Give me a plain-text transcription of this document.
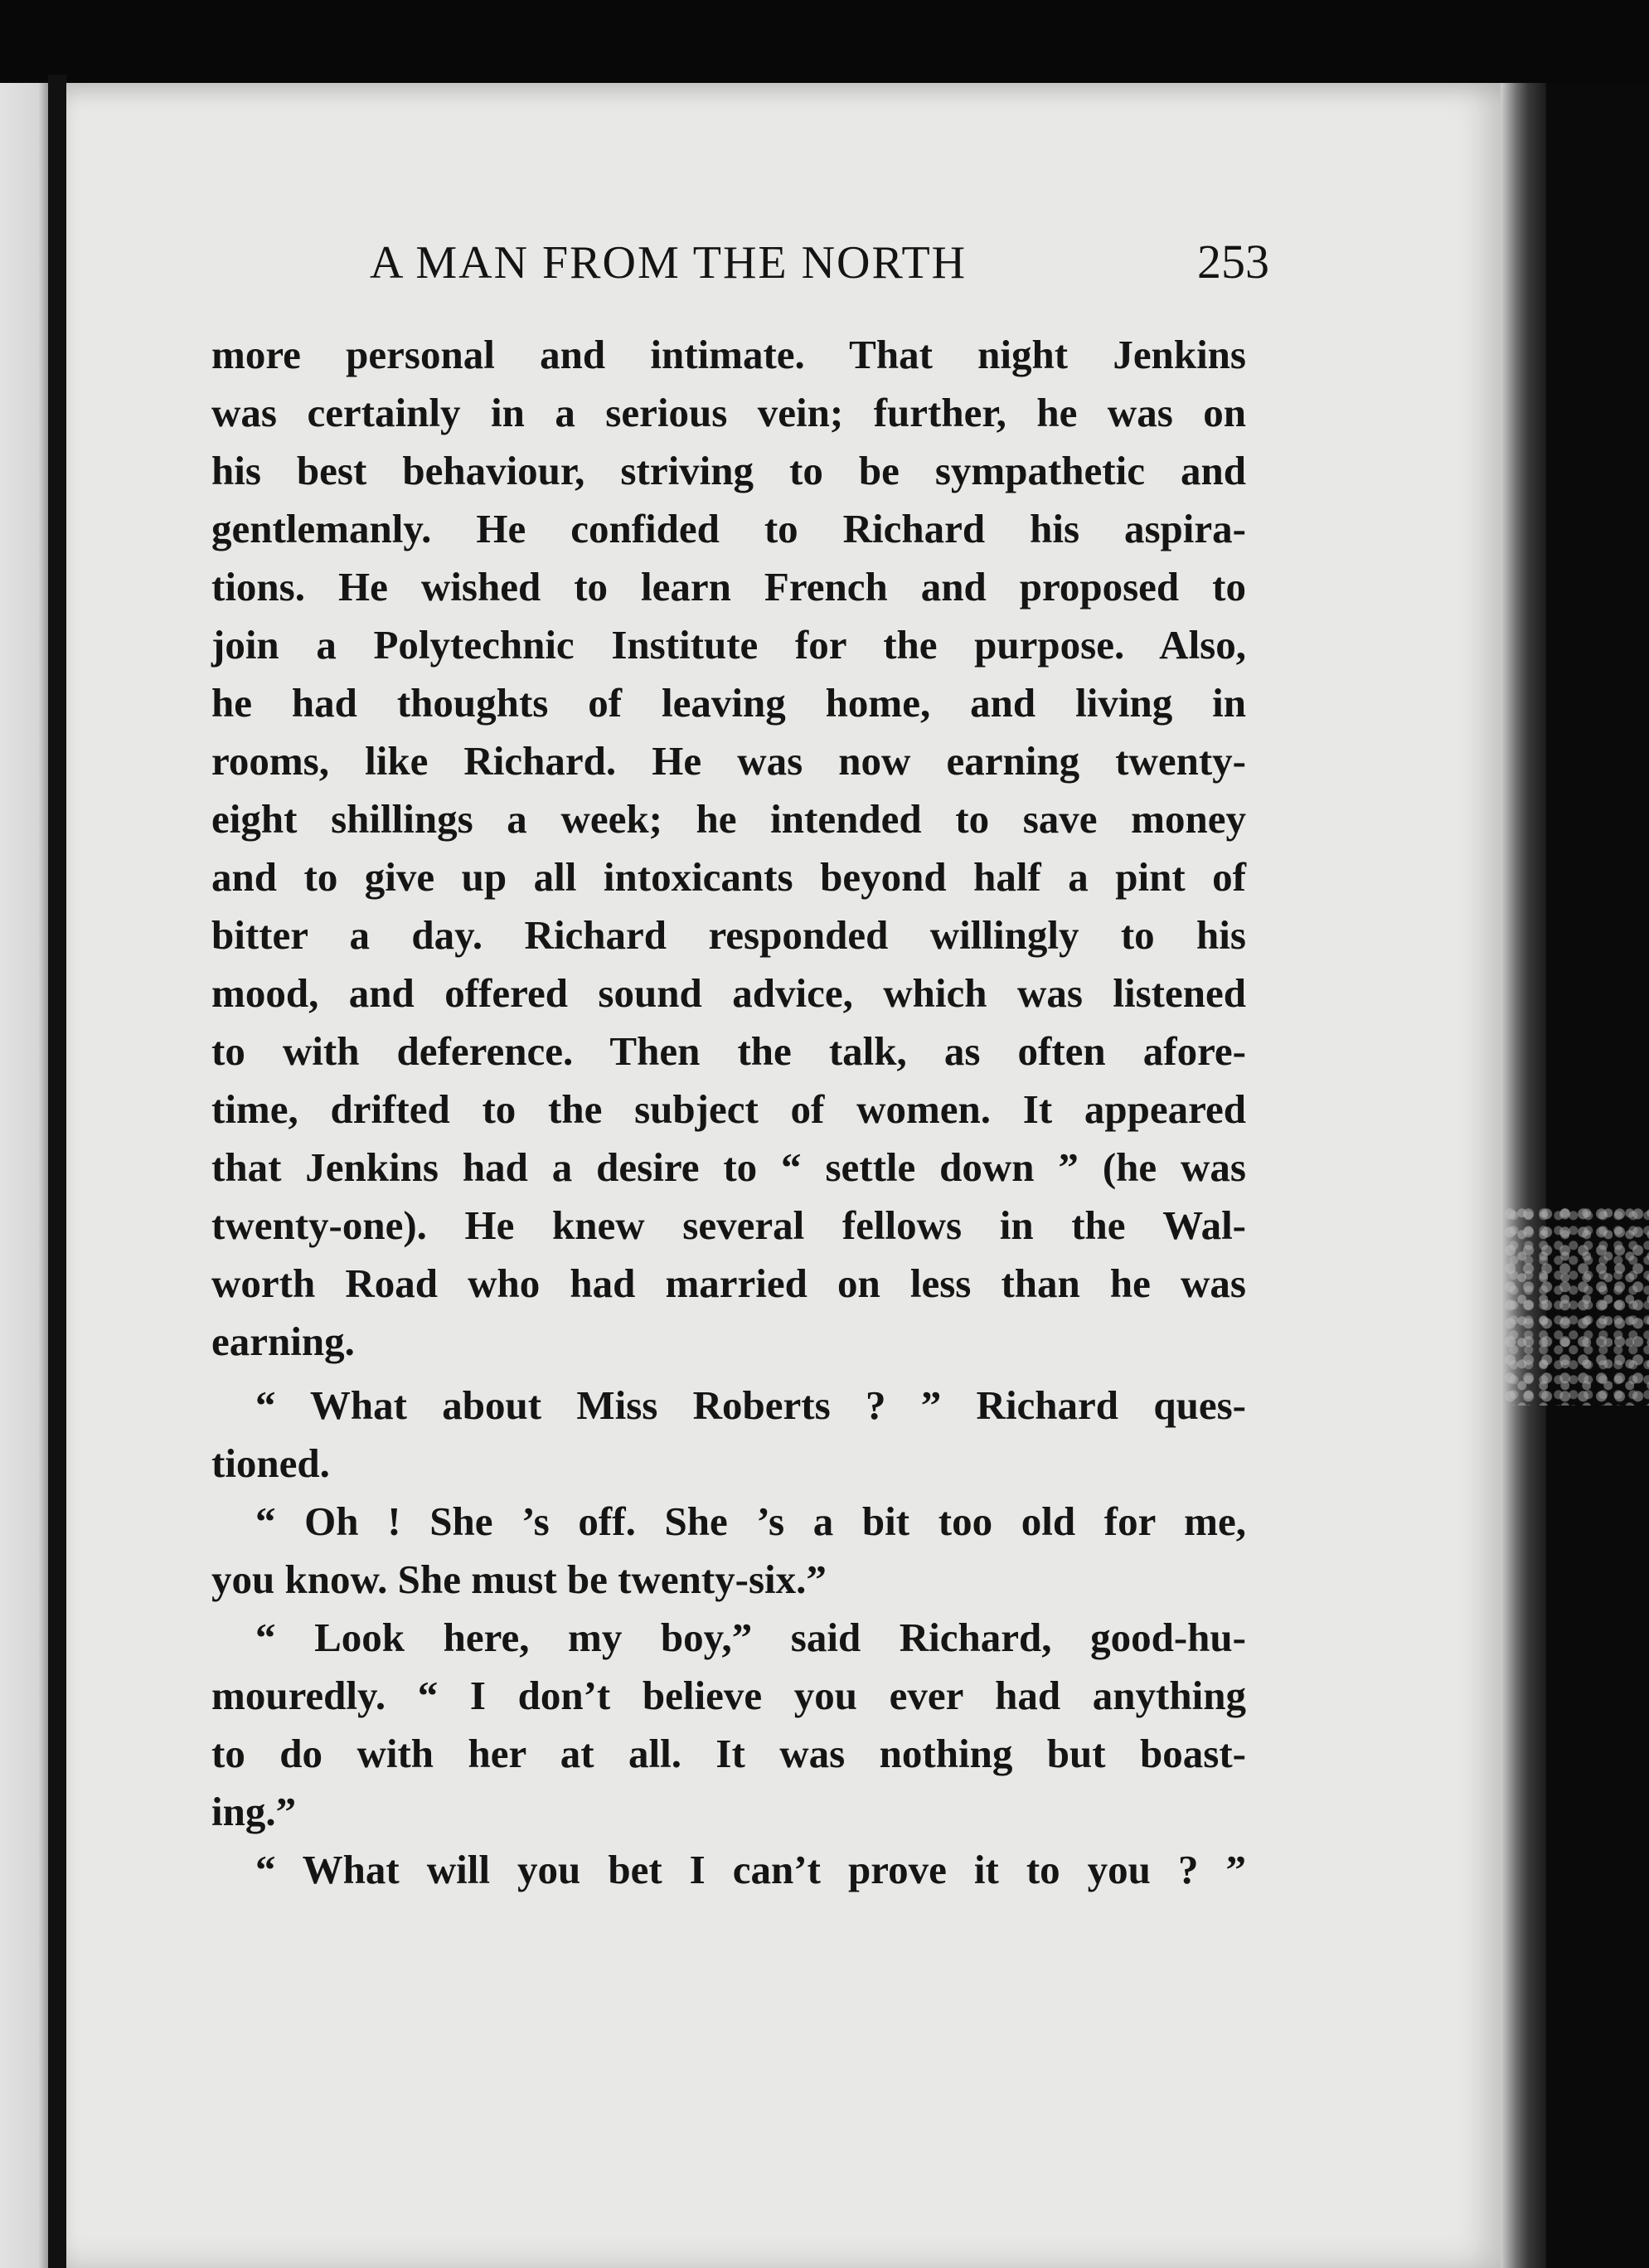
A MAN FROM THE NORTH	253
more personal and intimate. That night Jenkins
was certainly in a serious vein; further, he was on
his best behaviour, striving to be sympathetic and
gentlemanly. He confided to Richard his aspira-
tions. He wished to learn French and proposed to
join a Polytechnic Institute for the purpose. Also,
he had thoughts of leaving home, and living in
rooms, like Richard. He was now earning twenty-
eight shillings a week; he intended to save money
and to give up all intoxicants beyond half a pint of
bitter a day. Richard responded willingly to his
mood, and offered sound advice, which was listened
to with deference. Then the talk, as often afore-
time, drifted to the subject of women. It appeared
that Jenkins had a desire to “ settle down ” (he was
twenty-one). He knew several fellows in the Wal-
worth Road who had married on less than he was
earning.
“ What about Miss Roberts ? ” Richard ques-
tioned.
“ Oh ! She ’s off. She ’s a bit too old for me,
you know. She must be twenty-six.”
“ Look here, my boy,” said Richard, good-hu-
mouredly. “ I don’t believe you ever had anything
to do with her at all. It was nothing but boast-
ing.”
“ What will you bet I can’t prove it to you ? ”
